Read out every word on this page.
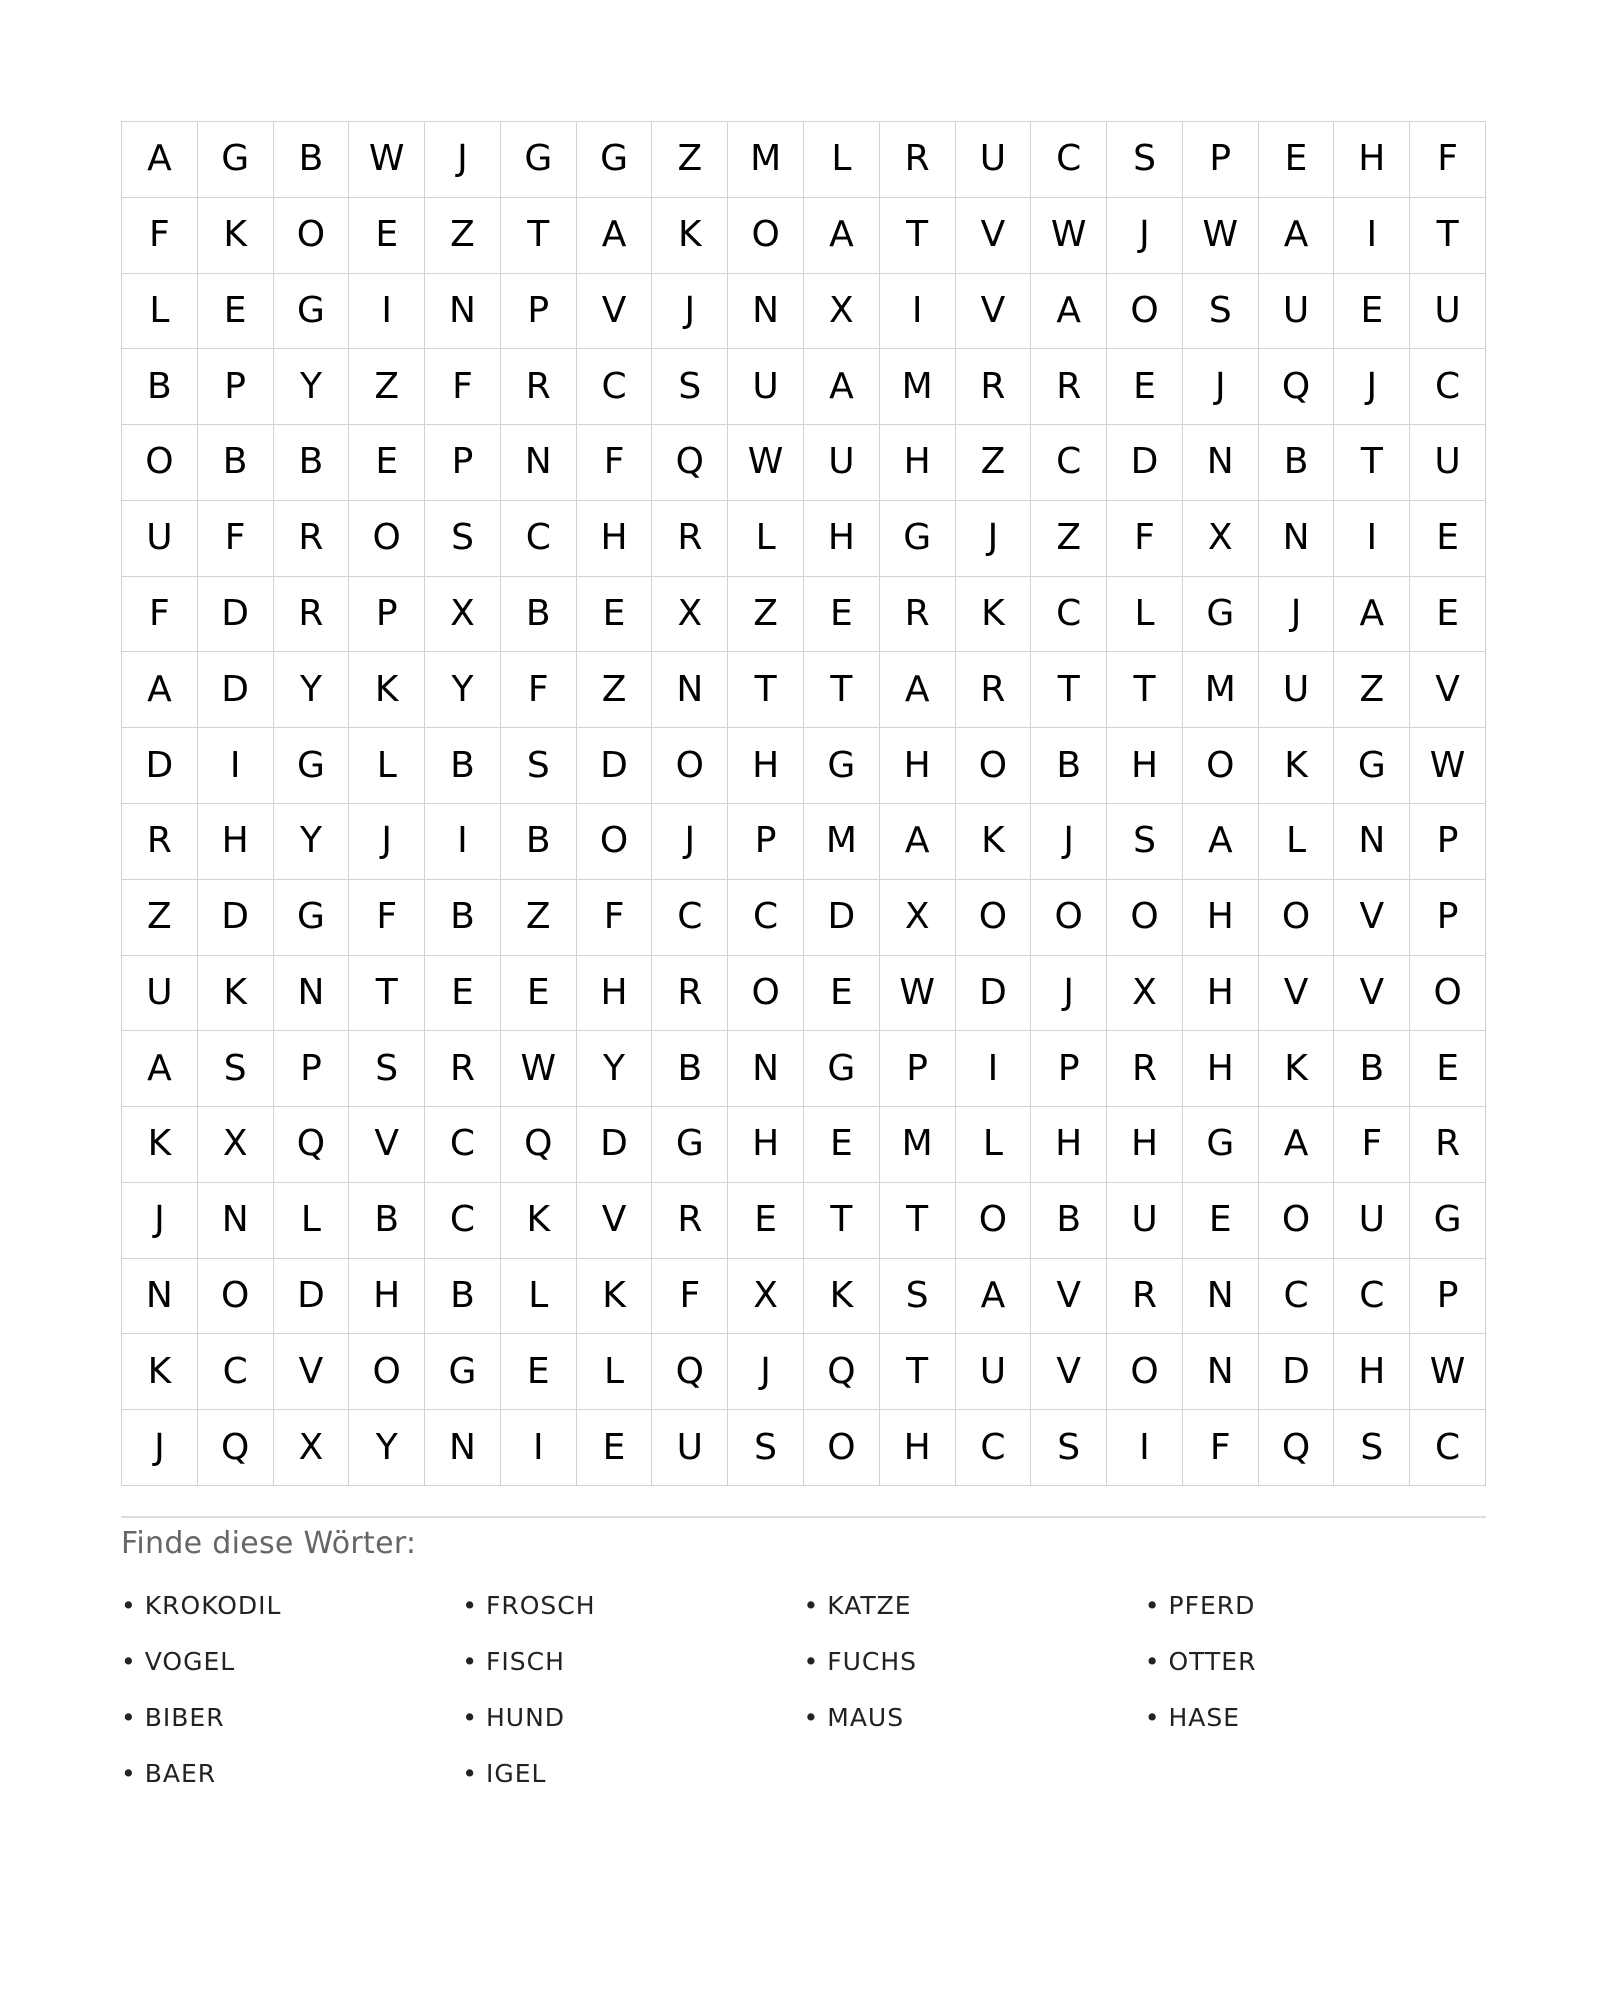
A	G	B	W	J	G	G	Z	M	L	R	U	C	S	P	E	H	F
F	K	O	E	Z	T	A	K	O	A	T	V	W	J	W	A	I	T
L	E	G	I	N	P	V	J	N	X	I	V	A	O	S	U	E	U
B	P	Y	Z	F	R	C	S	U	A	M	R	R	E	J	Q	J	C
O	B	B	E	P	N	F	Q	W	U	H	Z	C	D	N	B	T	U
U	F	R	O	S	C	H	R	L	H	G	J	Z	F	X	N	I	E
F	D	R	P	X	B	E	X	Z	E	R	K	C	L	G	J	A	E
A	D	Y	K	Y	F	Z	N	T	T	A	R	T	T	M	U	Z	V
D	I	G	L	B	S	D	O	H	G	H	O	B	H	O	K	G	W
R	H	Y	J	I	B	O	J	P	M	A	K	J	S	A	L	N	P
Z	D	G	F	B	Z	F	C	C	D	X	O	O	O	H	O	V	P
U	K	N	T	E	E	H	R	O	E	W	D	J	X	H	V	V	O
A	S	P	S	R	W	Y	B	N	G	P	I	P	R	H	K	B	E
K	X	Q	V	C	Q	D	G	H	E	M	L	H	H	G	A	F	R
J	N	L	B	C	K	V	R	E	T	T	O	B	U	E	O	U	G
N	O	D	H	B	L	K	F	X	K	S	A	V	R	N	C	C	P
K	C	V	O	G	E	L	Q	J	Q	T	U	V	O	N	D	H	W
J	Q	X	Y	N	I	E	U	S	O	H	C	S	I	F	Q	S	C
Finde diese Wörter:
• KROKODIL	• FROSCH	• KATZE	• PFERD
• VOGEL	• FISCH	• FUCHS	• OTTER
• BIBER	• HUND	• MAUS	• HASE
• BAER	• IGEL
